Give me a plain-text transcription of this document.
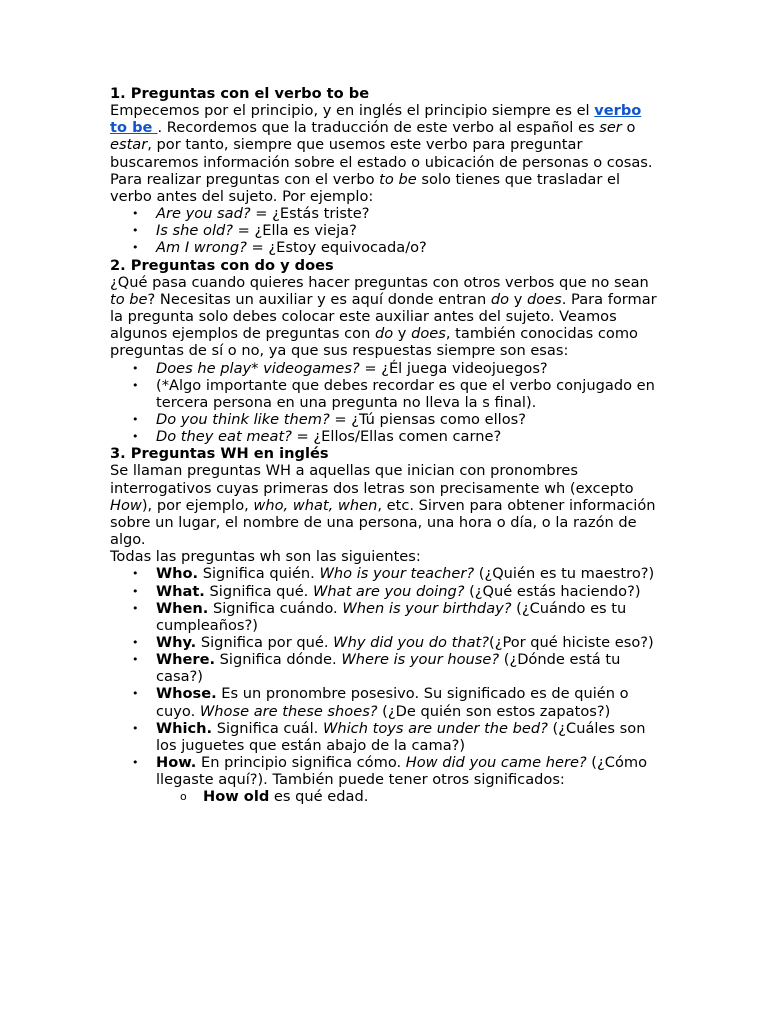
1. Preguntas con el verbo to be

Empecemos por el principio, y en inglés el principio siempre es el verbo to be . Recordemos que la traducción de este verbo al español es ser o estar, por tanto, siempre que usemos este verbo para preguntar buscaremos información sobre el estado o ubicación de personas o cosas.

Para realizar preguntas con el verbo to be solo tienes que trasladar el verbo antes del sujeto. Por ejemplo:

• Are you sad? = ¿Estás triste?
• Is she old? = ¿Ella es vieja?
• Am I wrong? = ¿Estoy equivocada/o?
2. Preguntas con do y does

¿Qué pasa cuando quieres hacer preguntas con otros verbos que no sean to be? Necesitas un auxiliar y es aquí donde entran do y does. Para formar la pregunta solo debes colocar este auxiliar antes del sujeto. Veamos algunos ejemplos de preguntas con do y does, también conocidas como preguntas de sí o no, ya que sus respuestas siempre son esas:

• Does he play* videogames? = ¿Él juega videojuegos?
• (*Algo importante que debes recordar es que el verbo conjugado en tercera persona en una pregunta no lleva la s final).
• Do you think like them? = ¿Tú piensas como ellos?
• Do they eat meat? = ¿Ellos/Ellas comen carne?
3. Preguntas WH en inglés

Se llaman preguntas WH a aquellas que inician con pronombres interrogativos cuyas primeras dos letras son precisamente wh (excepto How), por ejemplo, who, what, when, etc. Sirven para obtener información sobre un lugar, el nombre de una persona, una hora o día, o la razón de algo.

Todas las preguntas wh son las siguientes:

• Who. Significa quién. Who is your teacher? (¿Quién es tu maestro?)
• What. Significa qué. What are you doing? (¿Qué estás haciendo?)
• When. Significa cuándo. When is your birthday? (¿Cuándo es tu cumpleaños?)
• Why. Significa por qué. Why did you do that?(¿Por qué hiciste eso?)
• Where. Significa dónde. Where is your house? (¿Dónde está tu casa?)
• Whose. Es un pronombre posesivo. Su significado es de quién o cuyo. Whose are these shoes? (¿De quién son estos zapatos?)
• Which. Significa cuál. Which toys are under the bed? (¿Cuáles son los juguetes que están abajo de la cama?)
• How. En principio significa cómo. How did you came here? (¿Cómo llegaste aquí?). También puede tener otros significados:
o How old es qué edad.
